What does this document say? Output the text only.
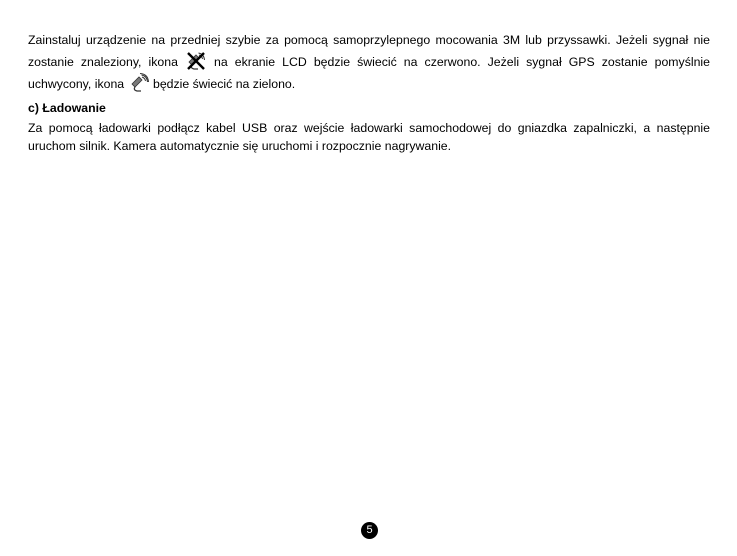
Zainstaluj urządzenie na przedniej szybie za pomocą samoprzylepnego mocowania 3M lub przyssawki. Jeżeli sygnał nie zostanie znaleziony, ikona	na ekranie LCD będzie świecić na czerwono. Jeżeli sygnał GPS zostanie pomyślnie uchwycony, ikona będzie świecić na zielono.

c) Ładowanie

Za pomocą ładowarki podłącz kabel USB oraz wejście ładowarki samochodowej do gniazdka zapalniczki, a następnie uruchom silnik. Kamera automatycznie się uruchomi i rozpocznie nagrywanie.

5
